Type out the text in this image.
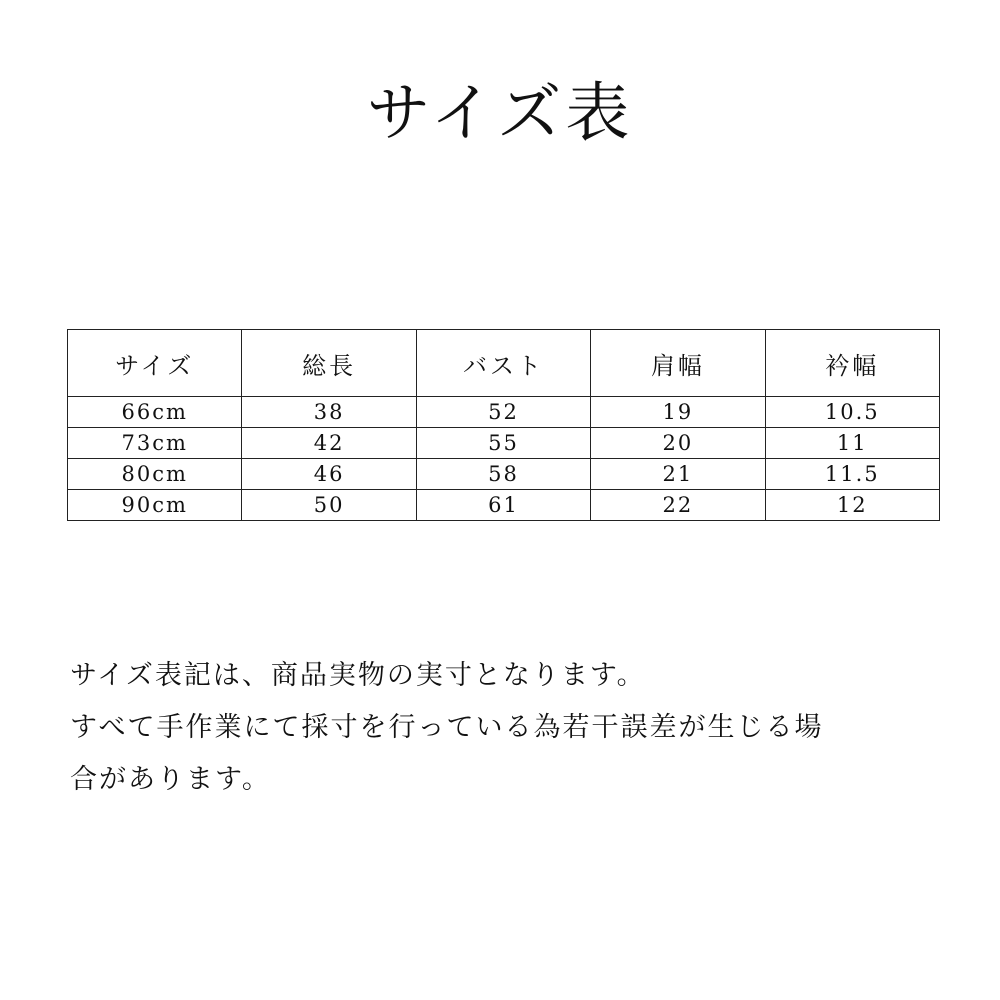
サイズ表
サイズ	総長	バスト	肩幅	衿幅
66cm	38	52	19	10.5
73cm	42	55	20	11
80cm	46	58	21	11.5
90cm	50	61	22	12

サイズ表記は、商品実物の実寸となります。
すべて手作業にて採寸を行っている為若干誤差が生じる場
合があります。
